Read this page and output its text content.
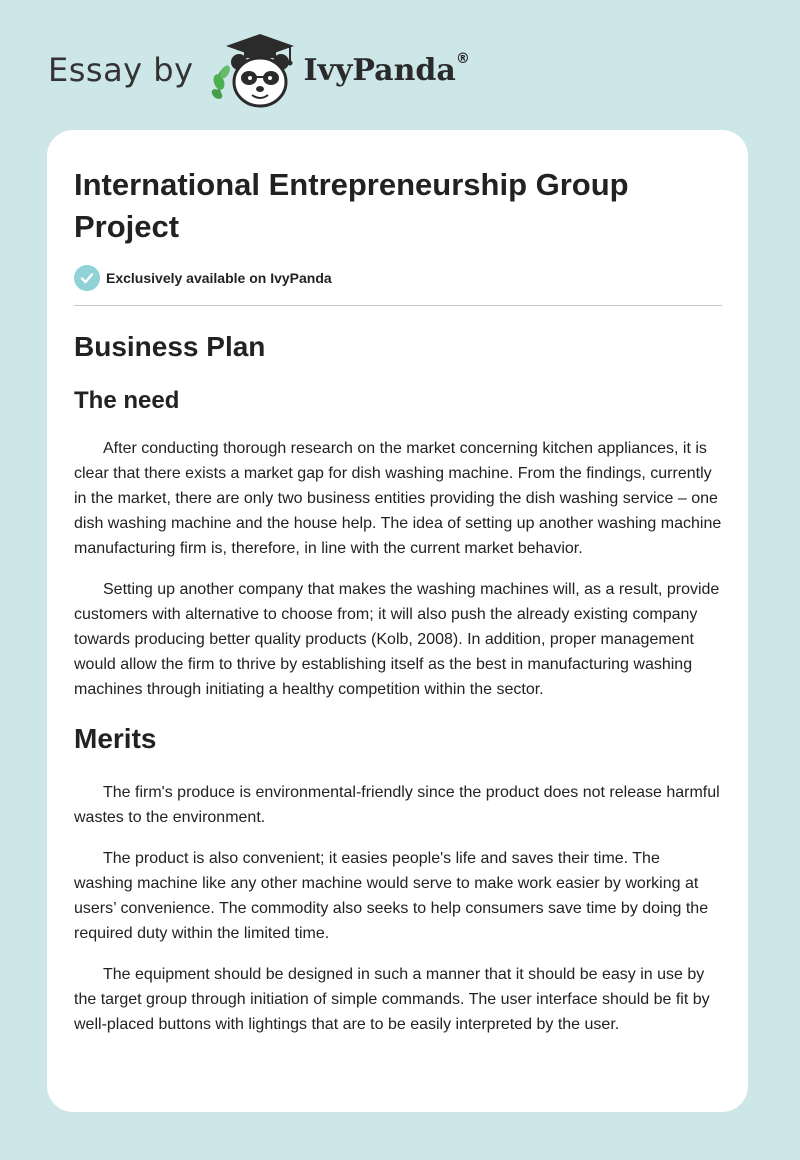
Essay by	IvyPanda®
International Entrepreneurship Group Project
Exclusively available on IvyPanda
Business Plan
The need

After conducting thorough research on the market concerning kitchen appliances, it is clear that there exists a market gap for dish washing machine. From the findings, currently in the market, there are only two business entities providing the dish washing service – one dish washing machine and the house help. The idea of setting up another washing machine manufacturing firm is, therefore, in line with the current market behavior.

Setting up another company that makes the washing machines will, as a result, provide customers with alternative to choose from; it will also push the already existing company towards producing better quality products (Kolb, 2008). In addition, proper management would allow the firm to thrive by establishing itself as the best in manufacturing washing machines through initiating a healthy competition within the sector.

Merits

The firm's produce is environmental-friendly since the product does not release harmful wastes to the environment.

The product is also convenient; it easies people's life and saves their time. The washing machine like any other machine would serve to make work easier by working at users’ convenience. The commodity also seeks to help consumers save time by doing the required duty within the limited time.

The equipment should be designed in such a manner that it should be easy in use by the target group through initiation of simple commands. The user interface should be fit by well-placed buttons with lightings that are to be easily interpreted by the user.
